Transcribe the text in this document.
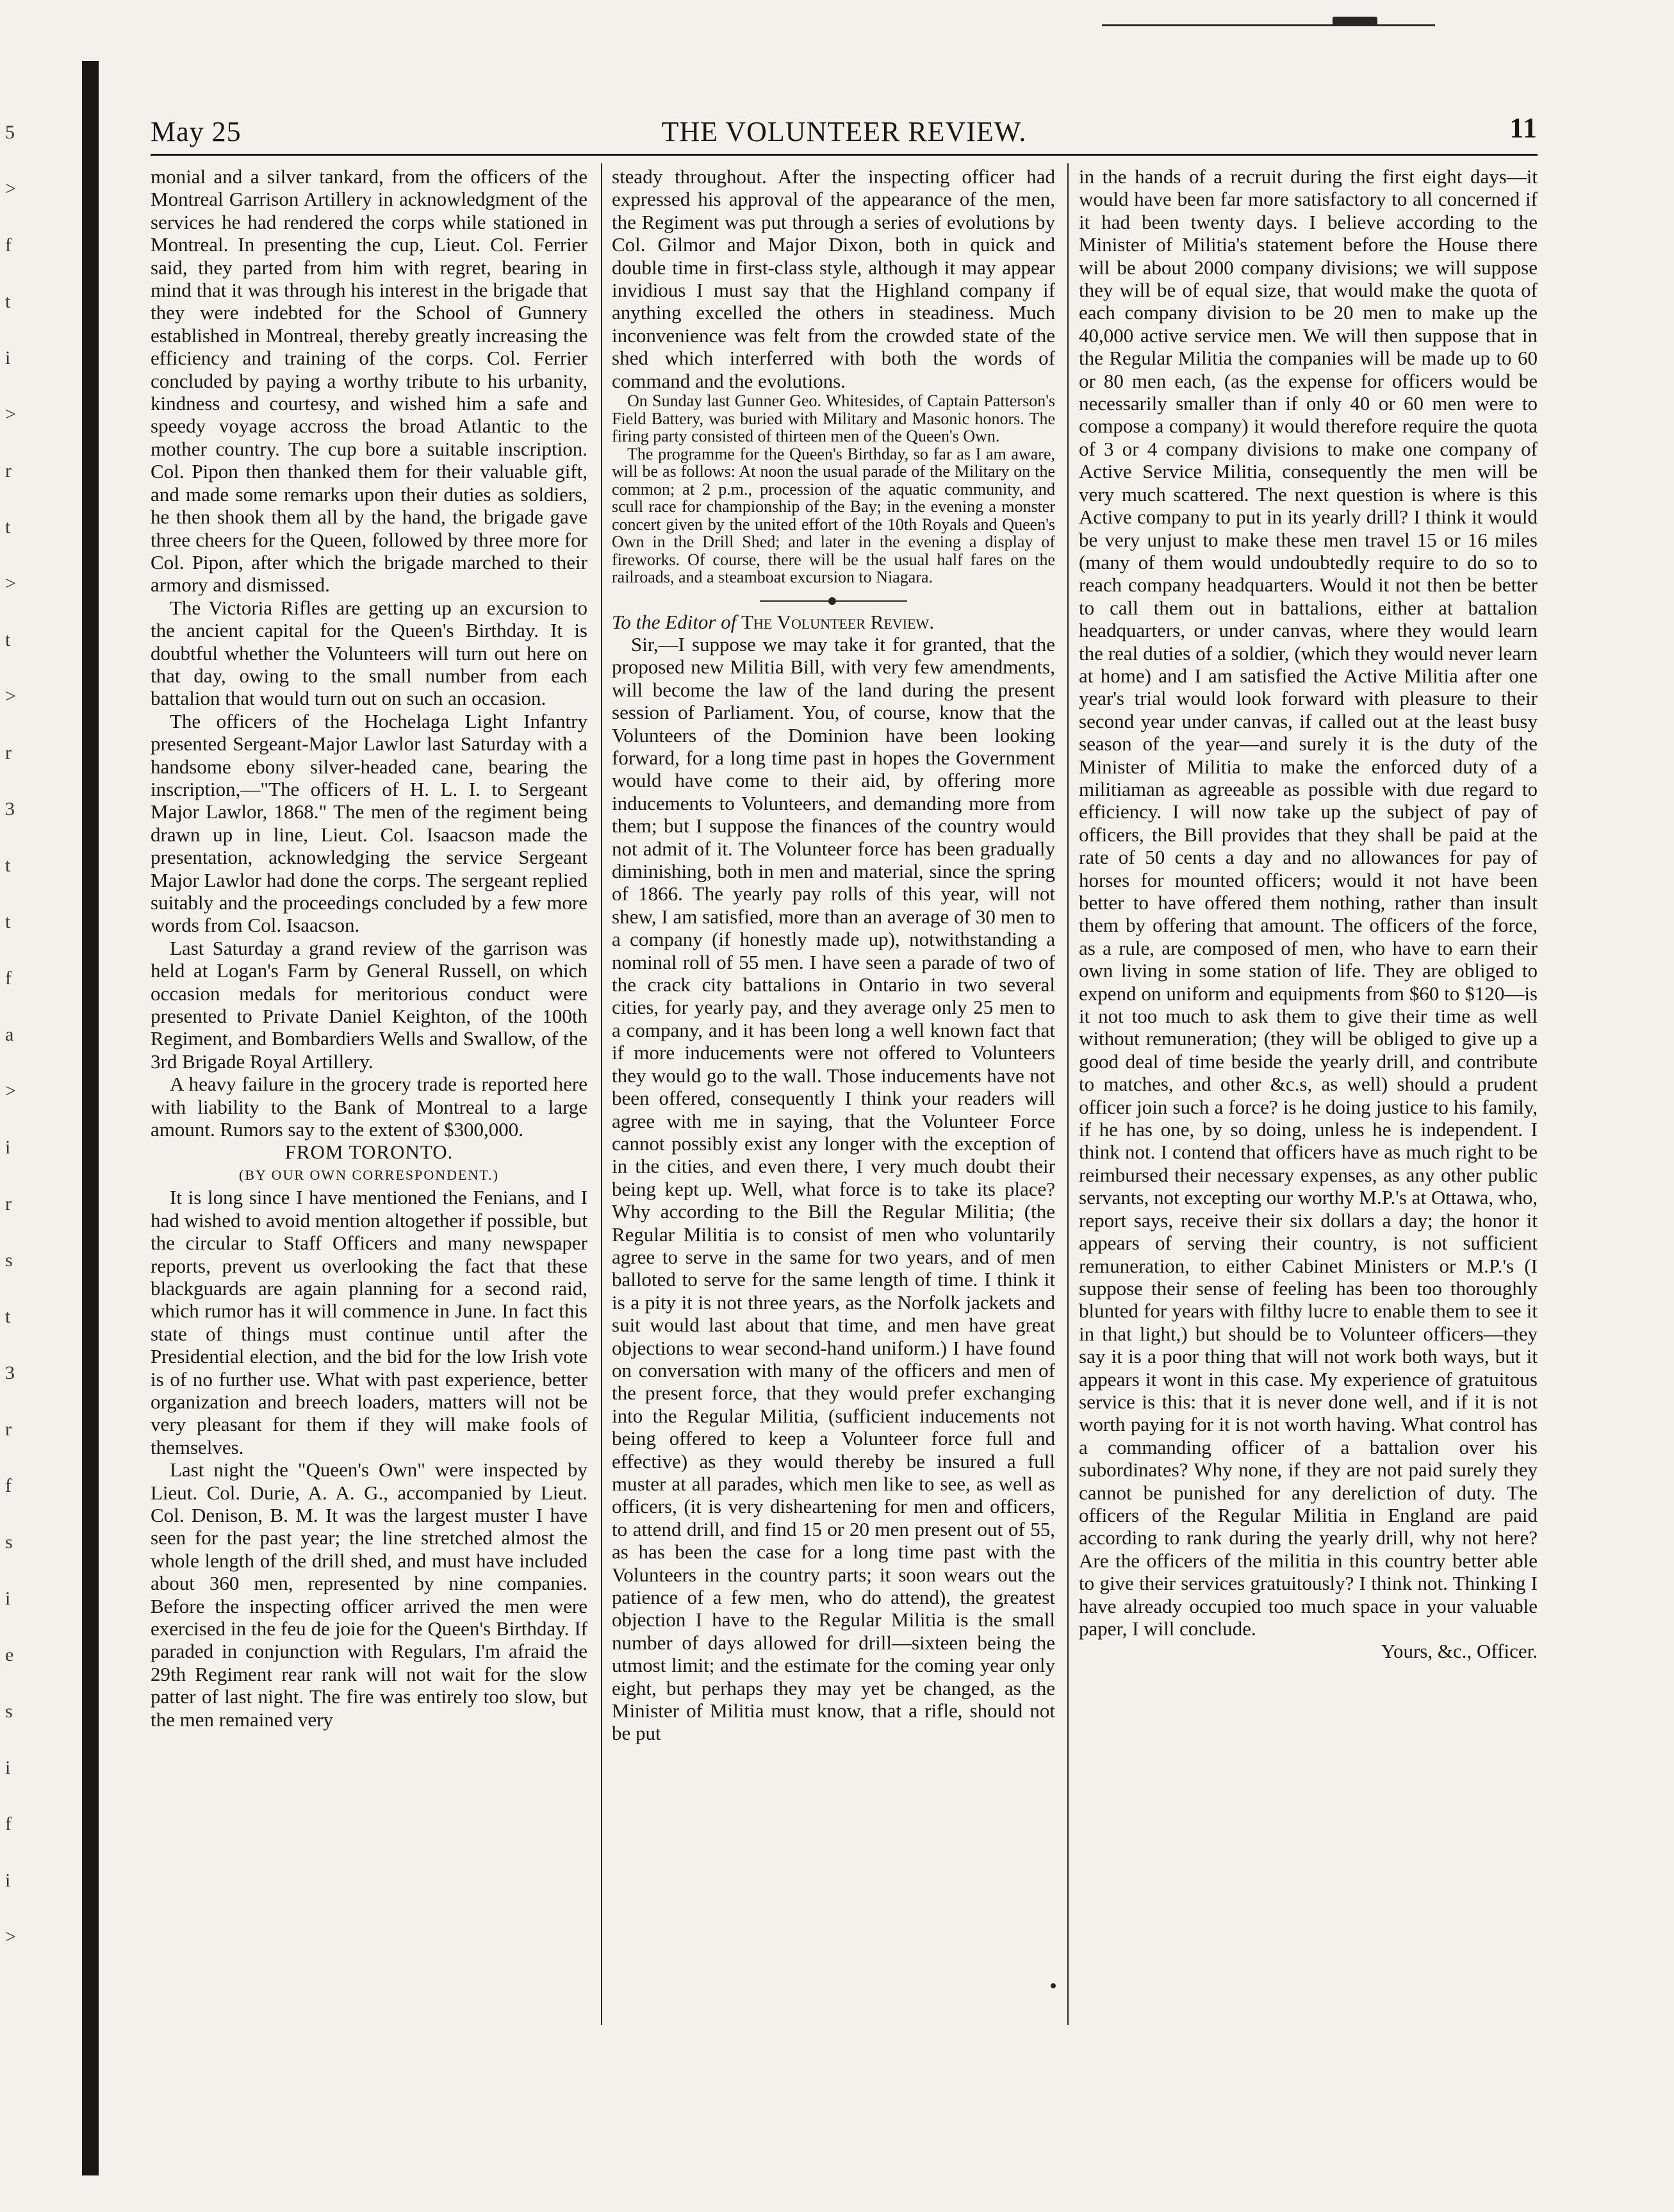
5
>
f
t
i
>
r
t
>
t
>
r
3
t
t
f
a
>
i
r
s
t
3
r
f
s
i
e
s
i
f
i
>
May 25	THE VOLUNTEER REVIEW.	11

monial and a silver tankard, from the officers of the Montreal Garrison Artillery in acknowledgment of the services he had rendered the corps while stationed in Montreal. In presenting the cup, Lieut. Col. Ferrier said, they parted from him with regret, bearing in mind that it was through his interest in the brigade that they were indebted for the School of Gunnery established in Montreal, thereby greatly increasing the efficiency and training of the corps. Col. Ferrier concluded by paying a worthy tribute to his urbanity, kindness and courtesy, and wished him a safe and speedy voyage accross the broad Atlantic to the mother country. The cup bore a suitable inscription. Col. Pipon then thanked them for their valuable gift, and made some remarks upon their duties as soldiers, he then shook them all by the hand, the brigade gave three cheers for the Queen, followed by three more for Col. Pipon, after which the brigade marched to their armory and dismissed.

The Victoria Rifles are getting up an excursion to the ancient capital for the Queen's Birthday. It is doubtful whether the Volunteers will turn out here on that day, owing to the small number from each battalion that would turn out on such an occasion.

The officers of the Hochelaga Light Infantry presented Sergeant-Major Lawlor last Saturday with a handsome ebony silver-headed cane, bearing the inscription,—"The officers of H. L. I. to Sergeant Major Lawlor, 1868." The men of the regiment being drawn up in line, Lieut. Col. Isaacson made the presentation, acknowledging the service Sergeant Major Lawlor had done the corps. The sergeant replied suitably and the proceedings concluded by a few more words from Col. Isaacson.

Last Saturday a grand review of the garrison was held at Logan's Farm by General Russell, on which occasion medals for meritorious conduct were presented to Private Daniel Keighton, of the 100th Regiment, and Bombardiers Wells and Swallow, of the 3rd Brigade Royal Artillery.

A heavy failure in the grocery trade is reported here with liability to the Bank of Montreal to a large amount. Rumors say to the extent of $300,000.

FROM TORONTO.

(BY OUR OWN CORRESPONDENT.)

It is long since I have mentioned the Fenians, and I had wished to avoid mention altogether if possible, but the circular to Staff Officers and many newspaper reports, prevent us overlooking the fact that these blackguards are again planning for a second raid, which rumor has it will commence in June. In fact this state of things must continue until after the Presidential election, and the bid for the low Irish vote is of no further use. What with past experience, better organization and breech loaders, matters will not be very pleasant for them if they will make fools of themselves.

Last night the "Queen's Own" were inspected by Lieut. Col. Durie, A. A. G., accompanied by Lieut. Col. Denison, B. M. It was the largest muster I have seen for the past year; the line stretched almost the whole length of the drill shed, and must have included about 360 men, represented by nine companies. Before the inspecting officer arrived the men were exercised in the feu de joie for the Queen's Birthday. If paraded in conjunction with Regulars, I'm afraid the 29th Regiment rear rank will not wait for the slow patter of last night. The fire was entirely too slow, but the men remained very

steady throughout. After the inspecting officer had expressed his approval of the appearance of the men, the Regiment was put through a series of evolutions by Col. Gilmor and Major Dixon, both in quick and double time in first-class style, although it may appear invidious I must say that the Highland company if anything excelled the others in steadiness. Much inconvenience was felt from the crowded state of the shed which interferred with both the words of command and the evolutions.

On Sunday last Gunner Geo. Whitesides, of Captain Patterson's Field Battery, was buried with Military and Masonic honors. The firing party consisted of thirteen men of the Queen's Own.

The programme for the Queen's Birthday, so far as I am aware, will be as follows: At noon the usual parade of the Military on the common; at 2 p.m., procession of the aquatic community, and scull race for championship of the Bay; in the evening a monster concert given by the united effort of the 10th Royals and Queen's Own in the Drill Shed; and later in the evening a display of fireworks. Of course, there will be the usual half fares on the railroads, and a steamboat excursion to Niagara.

To the Editor of The Volunteer Review.

Sir,—I suppose we may take it for granted, that the proposed new Militia Bill, with very few amendments, will become the law of the land during the present session of Parliament. You, of course, know that the Volunteers of the Dominion have been looking forward, for a long time past in hopes the Government would have come to their aid, by offering more inducements to Volunteers, and demanding more from them; but I suppose the finances of the country would not admit of it. The Volunteer force has been gradually diminishing, both in men and material, since the spring of 1866. The yearly pay rolls of this year, will not shew, I am satisfied, more than an average of 30 men to a company (if honestly made up), notwithstanding a nominal roll of 55 men. I have seen a parade of two of the crack city battalions in Ontario in two several cities, for yearly pay, and they average only 25 men to a company, and it has been long a well known fact that if more inducements were not offered to Volunteers they would go to the wall. Those inducements have not been offered, consequently I think your readers will agree with me in saying, that the Volunteer Force cannot possibly exist any longer with the exception of in the cities, and even there, I very much doubt their being kept up. Well, what force is to take its place? Why according to the Bill the Regular Militia; (the Regular Militia is to consist of men who voluntarily agree to serve in the same for two years, and of men balloted to serve for the same length of time. I think it is a pity it is not three years, as the Norfolk jackets and suit would last about that time, and men have great objections to wear second-hand uniform.) I have found on conversation with many of the officers and men of the present force, that they would prefer exchanging into the Regular Militia, (sufficient inducements not being offered to keep a Volunteer force full and effective) as they would thereby be insured a full muster at all parades, which men like to see, as well as officers, (it is very disheartening for men and officers, to attend drill, and find 15 or 20 men present out of 55, as has been the case for a long time past with the Volunteers in the country parts; it soon wears out the patience of a few men, who do attend), the greatest objection I have to the Regular Militia is the small number of days allowed for drill—sixteen being the utmost limit; and the estimate for the coming year only eight, but perhaps they may yet be changed, as the Minister of Militia must know, that a rifle, should not be put

in the hands of a recruit during the first eight days—it would have been far more satisfactory to all concerned if it had been twenty days. I believe according to the Minister of Militia's statement before the House there will be about 2000 company divisions; we will suppose they will be of equal size, that would make the quota of each company division to be 20 men to make up the 40,000 active service men. We will then suppose that in the Regular Militia the companies will be made up to 60 or 80 men each, (as the expense for officers would be necessarily smaller than if only 40 or 60 men were to compose a company) it would therefore require the quota of 3 or 4 company divisions to make one company of Active Service Militia, consequently the men will be very much scattered. The next question is where is this Active company to put in its yearly drill? I think it would be very unjust to make these men travel 15 or 16 miles (many of them would undoubtedly require to do so to reach company headquarters. Would it not then be better to call them out in battalions, either at battalion headquarters, or under canvas, where they would learn the real duties of a soldier, (which they would never learn at home) and I am satisfied the Active Militia after one year's trial would look forward with pleasure to their second year under canvas, if called out at the least busy season of the year—and surely it is the duty of the Minister of Militia to make the enforced duty of a militiaman as agreeable as possible with due regard to efficiency. I will now take up the subject of pay of officers, the Bill provides that they shall be paid at the rate of 50 cents a day and no allowances for pay of horses for mounted officers; would it not have been better to have offered them nothing, rather than insult them by offering that amount. The officers of the force, as a rule, are composed of men, who have to earn their own living in some station of life. They are obliged to expend on uniform and equipments from $60 to $120—is it not too much to ask them to give their time as well without remuneration; (they will be obliged to give up a good deal of time beside the yearly drill, and contribute to matches, and other &c.s, as well) should a prudent officer join such a force? is he doing justice to his family, if he has one, by so doing, unless he is independent. I think not. I contend that officers have as much right to be reimbursed their necessary expenses, as any other public servants, not excepting our worthy M.P.'s at Ottawa, who, report says, receive their six dollars a day; the honor it appears of serving their country, is not sufficient remuneration, to either Cabinet Ministers or M.P.'s (I suppose their sense of feeling has been too thoroughly blunted for years with filthy lucre to enable them to see it in that light,) but should be to Volunteer officers—they say it is a poor thing that will not work both ways, but it appears it wont in this case. My experience of gratuitous service is this: that it is never done well, and if it is not worth paying for it is not worth having. What control has a commanding officer of a battalion over his subordinates? Why none, if they are not paid surely they cannot be punished for any dereliction of duty. The officers of the Regular Militia in England are paid according to rank during the yearly drill, why not here? Are the officers of the militia in this country better able to give their services gratuitously? I think not. Thinking I have already occupied too much space in your valuable paper, I will conclude.

Yours, &c., Officer.
